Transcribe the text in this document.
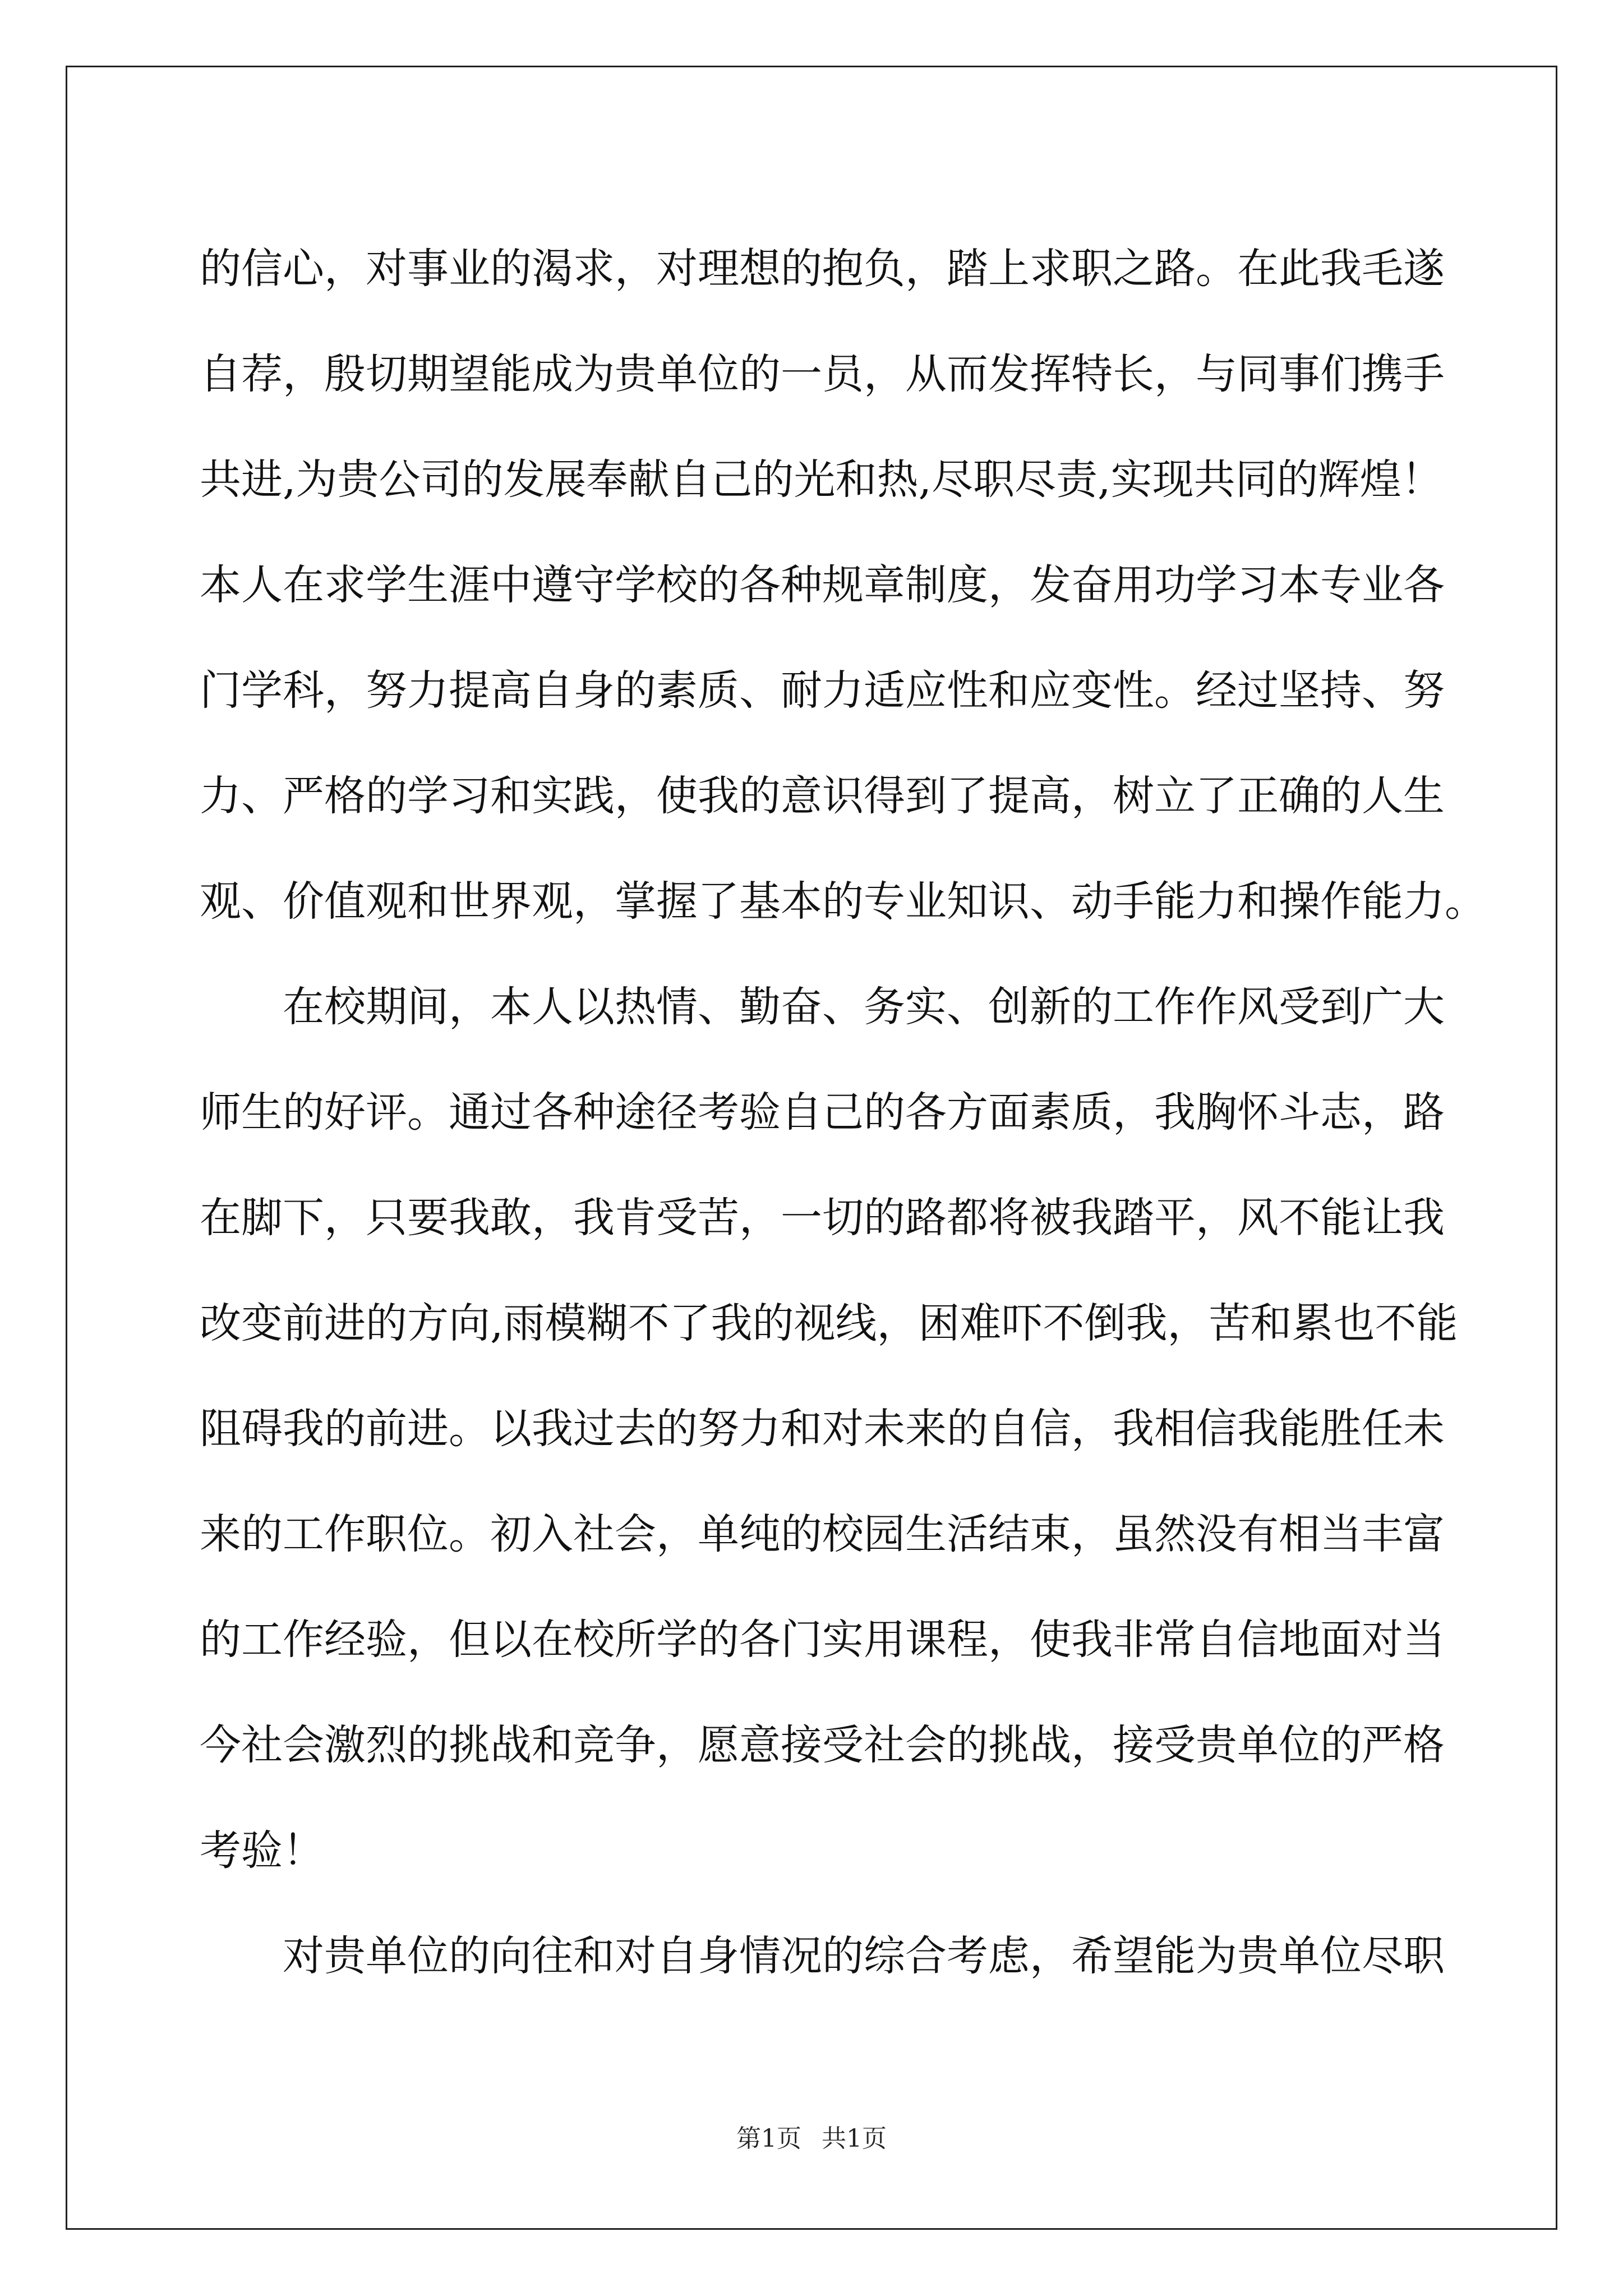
的信心，对事业的渴求，对理想的抱负，踏上求职之路。在此我毛遂
自荐，殷切期望能成为贵单位的一员，从而发挥特长，与同事们携手
共进,为贵公司的发展奉献自己的光和热,尽职尽责,实现共同的辉煌！
本人在求学生涯中遵守学校的各种规章制度，发奋用功学习本专业各
门学科，努力提高自身的素质、耐力适应性和应变性。经过坚持、努
力、严格的学习和实践，使我的意识得到了提高，树立了正确的人生
观、价值观和世界观，掌握了基本的专业知识、动手能力和操作能力。
在校期间，本人以热情、勤奋、务实、创新的工作作风受到广大
师生的好评。通过各种途径考验自己的各方面素质，我胸怀斗志，路
在脚下，只要我敢，我肯受苦，一切的路都将被我踏平，风不能让我
改变前进的方向,雨模糊不了我的视线，困难吓不倒我，苦和累也不能
阻碍我的前进。以我过去的努力和对未来的自信，我相信我能胜任未
来的工作职位。初入社会，单纯的校园生活结束，虽然没有相当丰富
的工作经验，但以在校所学的各门实用课程，使我非常自信地面对当
今社会激烈的挑战和竞争，愿意接受社会的挑战，接受贵单位的严格
考验！
对贵单位的向往和对自身情况的综合考虑，希望能为贵单位尽职

第1页 共1页
